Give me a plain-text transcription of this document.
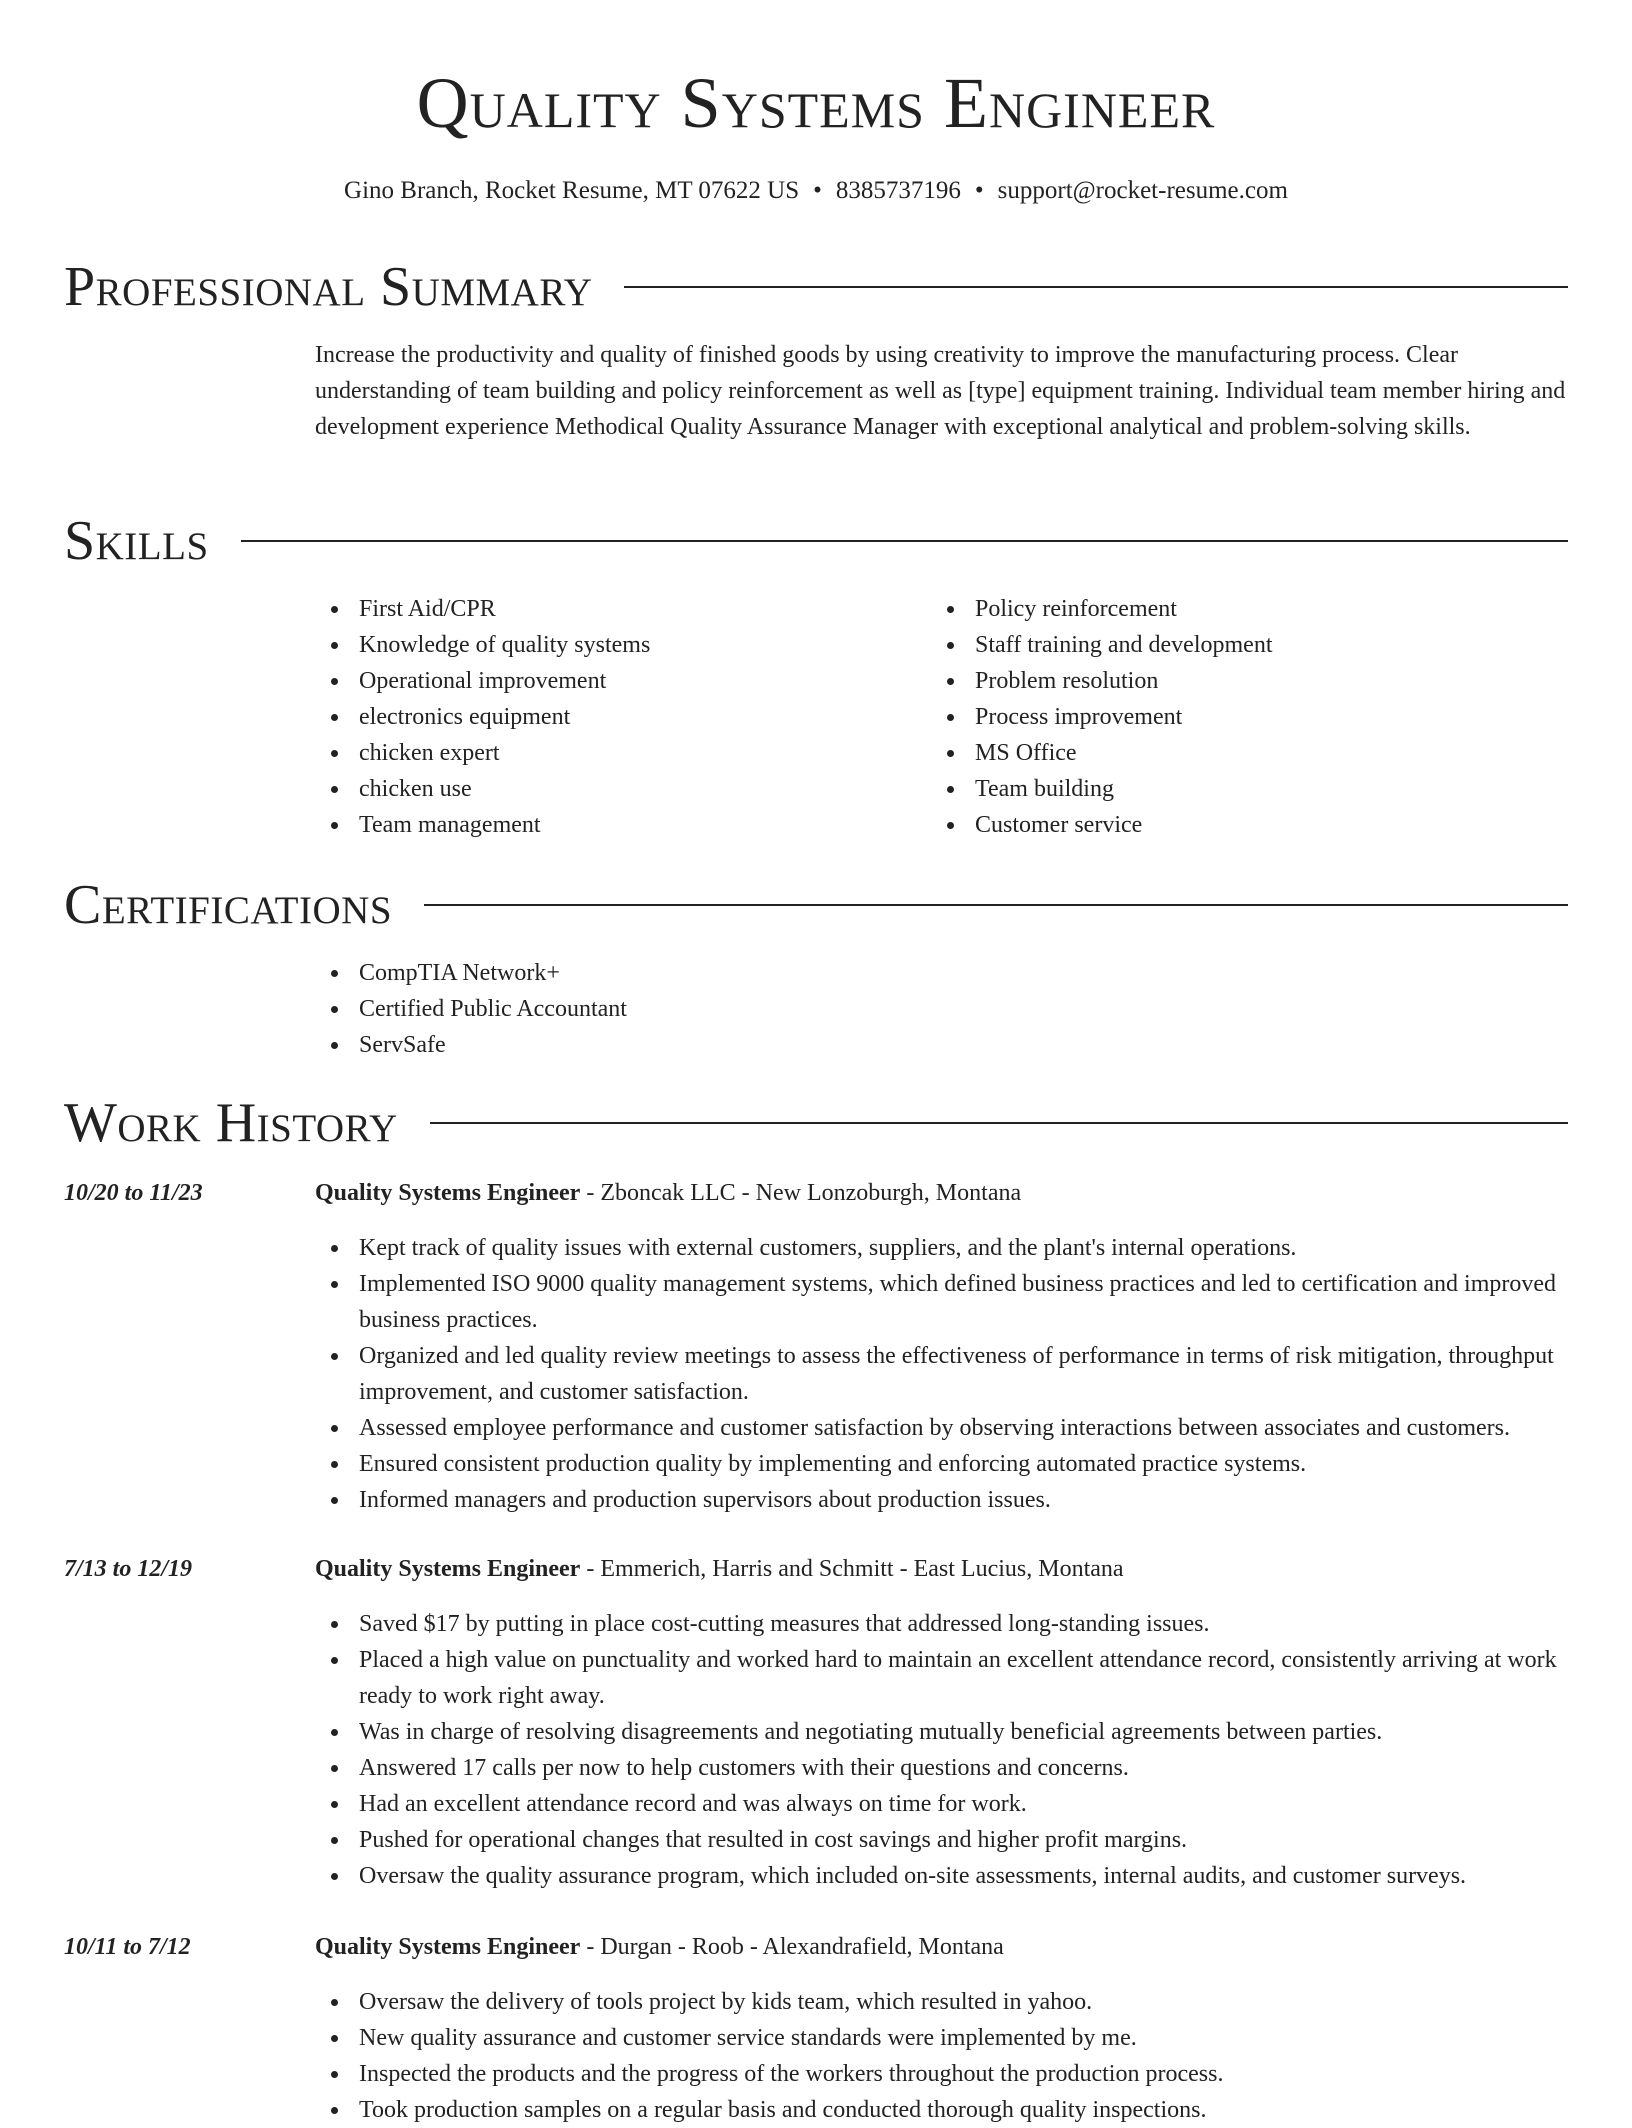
Quality Systems Engineer
Gino Branch, Rocket Resume, MT 07622 US • 8385737196 • support@rocket-resume.com
Professional Summary

Increase the productivity and quality of finished goods by using creativity to improve the manufacturing process. Clear understanding of team building and policy reinforcement as well as [type] equipment training. Individual team member hiring and development experience Methodical Quality Assurance Manager with exceptional analytical and problem-solving skills.

Skills
First Aid/CPR
Knowledge of quality systems
Operational improvement
electronics equipment
chicken expert
chicken use
Team management
Policy reinforcement
Staff training and development
Problem resolution
Process improvement
MS Office
Team building
Customer service
Certifications
CompTIA Network+
Certified Public Accountant
ServSafe
Work History
10/20 to 11/23	Quality Systems Engineer - Zboncak LLC - New Lonzoburgh, Montana
Kept track of quality issues with external customers, suppliers, and the plant's internal operations.
Implemented ISO 9000 quality management systems, which defined business practices and led to certification and improved business practices.
Organized and led quality review meetings to assess the effectiveness of performance in terms of risk mitigation, throughput improvement, and customer satisfaction.
Assessed employee performance and customer satisfaction by observing interactions between associates and customers.
Ensured consistent production quality by implementing and enforcing automated practice systems.
Informed managers and production supervisors about production issues.
7/13 to 12/19	Quality Systems Engineer - Emmerich, Harris and Schmitt - East Lucius, Montana
Saved $17 by putting in place cost-cutting measures that addressed long-standing issues.
Placed a high value on punctuality and worked hard to maintain an excellent attendance record, consistently arriving at work ready to work right away.
Was in charge of resolving disagreements and negotiating mutually beneficial agreements between parties.
Answered 17 calls per now to help customers with their questions and concerns.
Had an excellent attendance record and was always on time for work.
Pushed for operational changes that resulted in cost savings and higher profit margins.
Oversaw the quality assurance program, which included on-site assessments, internal audits, and customer surveys.
10/11 to 7/12	Quality Systems Engineer - Durgan - Roob - Alexandrafield, Montana
Oversaw the delivery of tools project by kids team, which resulted in yahoo.
New quality assurance and customer service standards were implemented by me.
Inspected the products and the progress of the workers throughout the production process.
Took production samples on a regular basis and conducted thorough quality inspections.
